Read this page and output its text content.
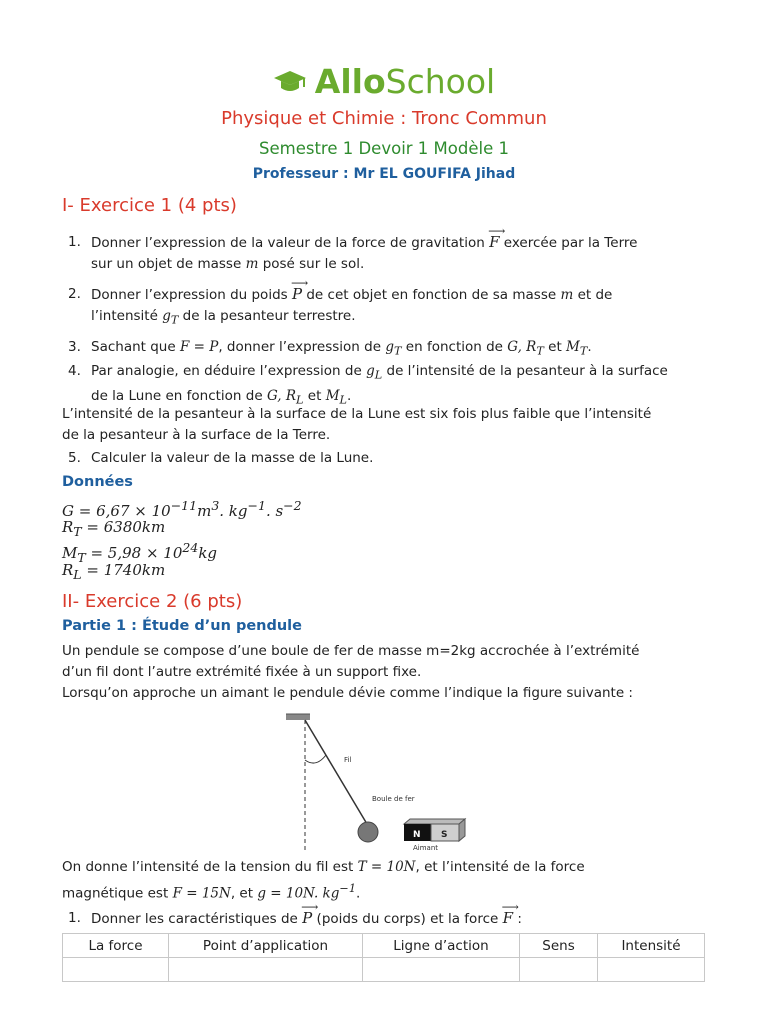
AlloSchool
Physique et Chimie : Tronc Commun
Semestre 1 Devoir 1 Modèle 1
Professeur : Mr EL GOUFIFA Jihad
I- Exercice 1 (4 pts)
1. Donner l’expression de la valeur de la force de gravitation ⟶ F exercée par la Terre
sur un objet de masse m posé sur le sol.
2. Donner l’expression du poids ⟶ P de cet objet en fonction de sa masse m et de
l’intensité $g_T$ de la pesanteur terrestre.
3. Sachant que F = P, donner l’expression de $g_T$ en fonction de G, $R_T$ et $M_T$.
4. Par analogie, en déduire l’expression de $g_L$ de l’intensité de la pesanteur à la surface
de la Lune en fonction de G, $R_L$ et $M_L$.
L’intensité de la pesanteur à la surface de la Lune est six fois plus faible que l’intensité
de la pesanteur à la surface de la Terre.
5. Calculer la valeur de la masse de la Lune.
Données
$G = 6,67 \times 10^{-11}m^3$. $kg^{-1}$. $s^{-2}$
$R_T = 6380km$
$M_T = 5,98 \times 10^{24}kg$
$R_L = 1740km$
II- Exercice 2 (6 pts)
Partie 1 : Étude d’un pendule
Un pendule se compose d’une boule de fer de masse m=2kg accrochée à l’extrémité
d’un fil dont l’autre extrémité fixée à un support fixe.
Lorsqu’on approche un aimant le pendule dévie comme l’indique la figure suivante :
Fil
Boule de fer
N S
Aimant
On donne l’intensité de la tension du fil est T = 10N, et l’intensité de la force
magnétique est F = 15N, et g = 10N. $kg^{-1}$.
1. Donner les caractéristiques de ⟶ P (poids du corps) et la force ⟶ F :
La force	Point d’application	Ligne d’action	Sens	Intensité
